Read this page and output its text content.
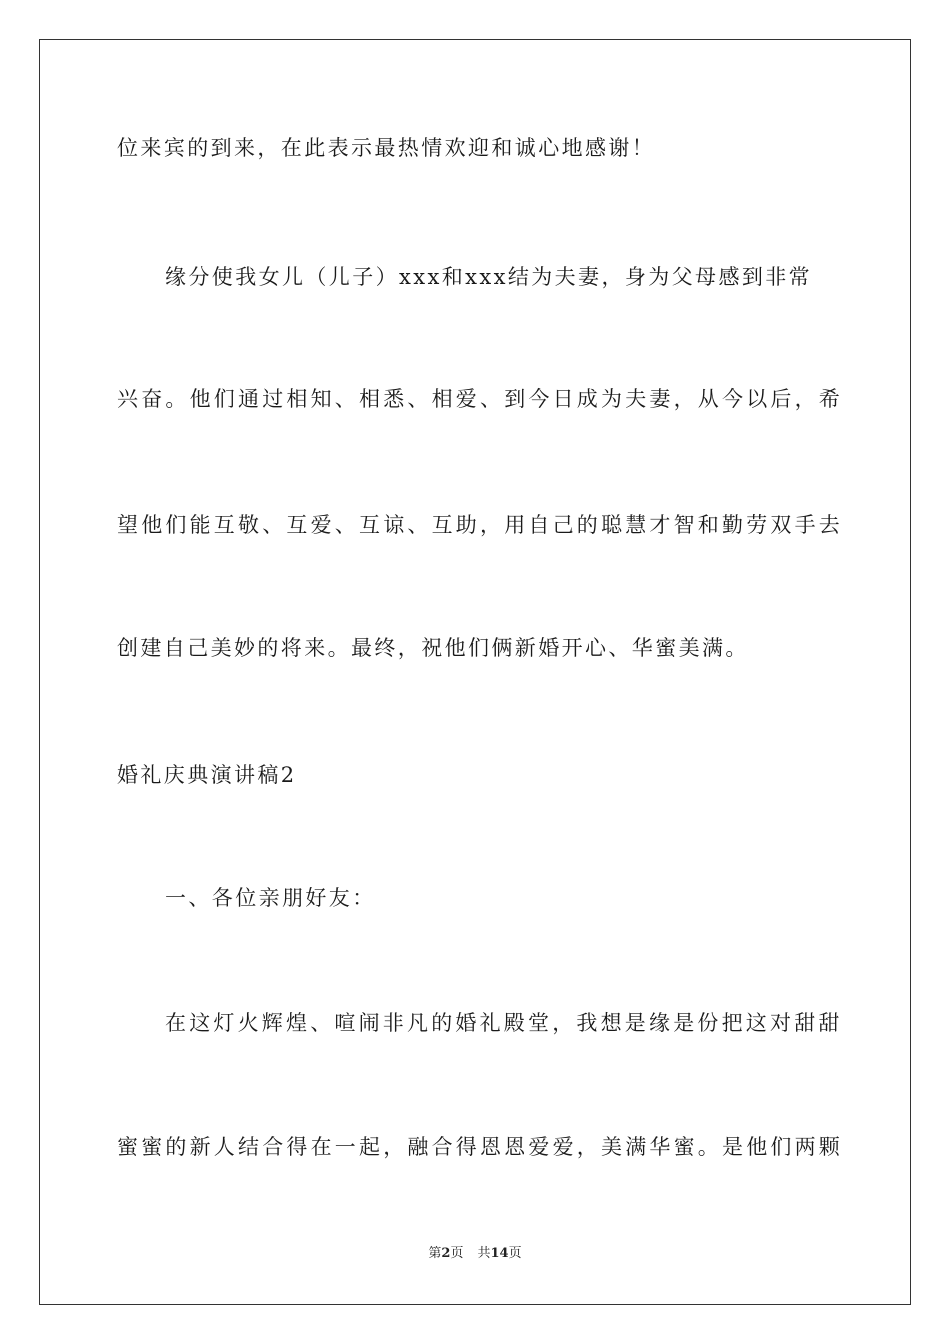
位来宾的到来，在此表示最热情欢迎和诚心地感谢！
缘分使我女儿（儿子）xxx和xxx结为夫妻，身为父母感到非常
兴奋。他们通过相知、相悉、相爱、到今日成为夫妻，从今以后，希
望他们能互敬、互爱、互谅、互助，用自己的聪慧才智和勤劳双手去
创建自己美妙的将来。最终，祝他们俩新婚开心、华蜜美满。
婚礼庆典演讲稿2
一、各位亲朋好友：
在这灯火辉煌、喧闹非凡的婚礼殿堂，我想是缘是份把这对甜甜
蜜蜜的新人结合得在一起，融合得恩恩爱爱，美满华蜜。是他们两颗
第2页 共14页
